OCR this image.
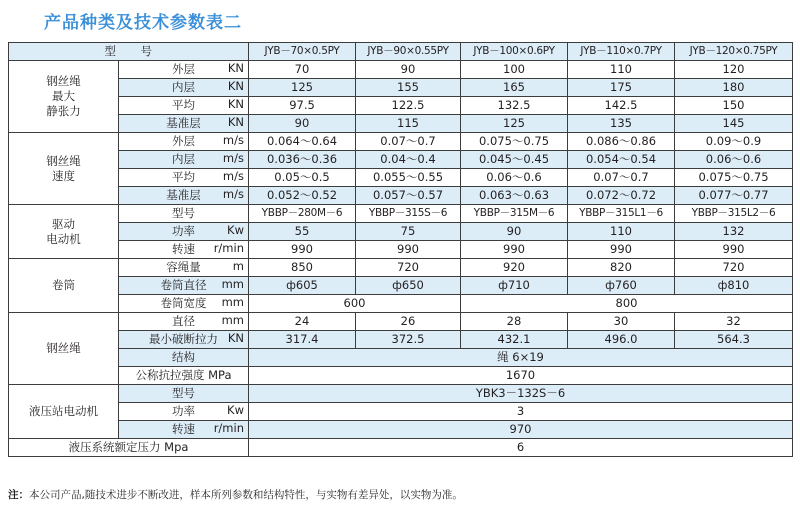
产品种类及技术参数表二
型　　号		JYB－70×0.5PY	JYB－90×0.55PY	JYB－100×0.6PY	JYB－110×0.7PY	JYB－120×0.75PY
钢丝绳
最大
静张力	外层 KN	70	90	100	110	120
	内层 KN	125	155	165	175	180
	平均 KN	97.5	122.5	132.5	142.5	150
	基准层 KN	90	115	125	135	145
钢丝绳
速度	外层 m/s	0.064～0.64	0.07～0.7	0.075～0.75	0.086～0.86	0.09～0.9
	内层 m/s	0.036～0.36	0.04～0.4	0.045～0.45	0.054～0.54	0.06～0.6
	平均 m/s	0.05～0.5	0.055～0.55	0.06～0.6	0.07～0.7	0.075～0.75
	基准层 m/s	0.052～0.52	0.057～0.57	0.063～0.63	0.072～0.72	0.077～0.77
驱动
电动机	型号	YBBP－280M－6	YBBP－315S－6	YBBP－315M－6	YBBP－315L1－6	YBBP－315L2－6
	功率 Kw	55	75	90	110	132
	转速 r/min	990	990	990	990	990
卷筒	容绳量 m	850	720	920	820	720
	卷筒直径 mm	ф605	ф650	ф710	ф760	ф810
	卷筒宽度 mm	600		800		
钢丝绳	直径 mm	24	26	28	30	32
	最小破断拉力 KN	317.4	372.5	432.1	496.0	564.3
	结构	绳 6×19				
	公称抗拉强度 MPa	1670				
液压站电动机	型号	YBK3－132S－6				
	功率 Kw	3				
	转速 r/min	970				
液压系统额定压力 Mpa		6				
注：本公司产品,随技术进步不断改进，样本所列参数和结构特性，与实物有差异处，以实物为准。
